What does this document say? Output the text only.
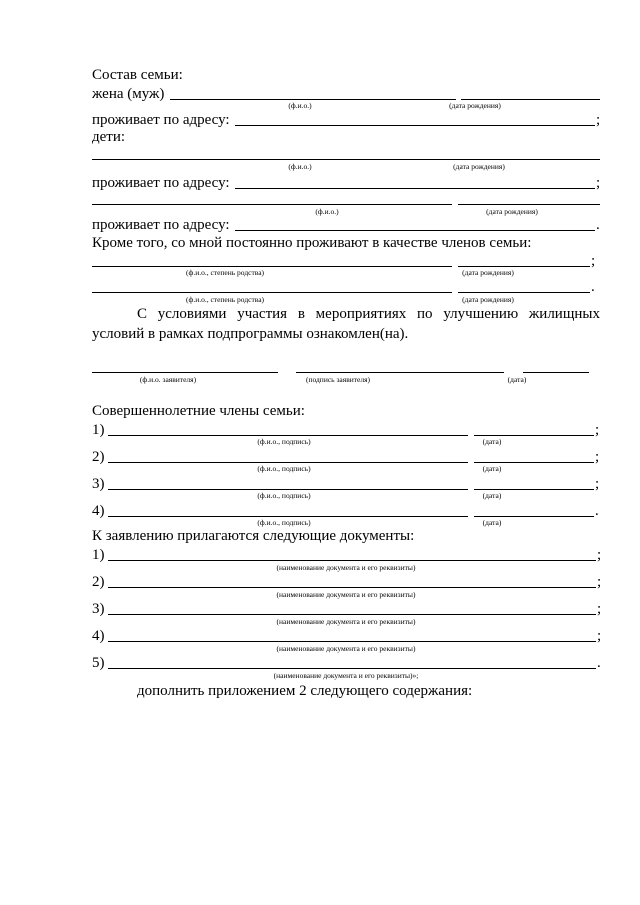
Состав семьи:
жена (муж)
(ф.и.о.)	(дата рождения)
проживает по адресу:	;
дети:
(ф.и.о.)	(дата рождения)
проживает по адресу:	;
(ф.и.о.)	(дата рождения)
проживает по адресу:	.
Кроме того, со мной постоянно проживают в качестве членов семьи:
;
(ф.и.о., степень родства)	(дата рождения)
.
(ф.и.о., степень родства)	(дата рождения)
С условиями участия в мероприятиях по улучшению жилищных условий в рамках подпрограммы ознакомлен(на).
(ф.и.о. заявителя)	(подпись заявителя)	(дата)
Совершеннолетние члены семьи:
1)	;
(ф.и.о., подпись)	(дата)
2)	;
(ф.и.о., подпись)	(дата)
3)	;
(ф.и.о., подпись)	(дата)
4)	.
(ф.и.о., подпись)	(дата)
К заявлению прилагаются следующие документы:
1)	;
(наименование документа и его реквизиты)
2)	;
(наименование документа и его реквизиты)
3)	;
(наименование документа и его реквизиты)
4)	;
(наименование документа и его реквизиты)
5)	.
(наименование документа и его реквизиты)»;
дополнить приложением 2 следующего содержания:
